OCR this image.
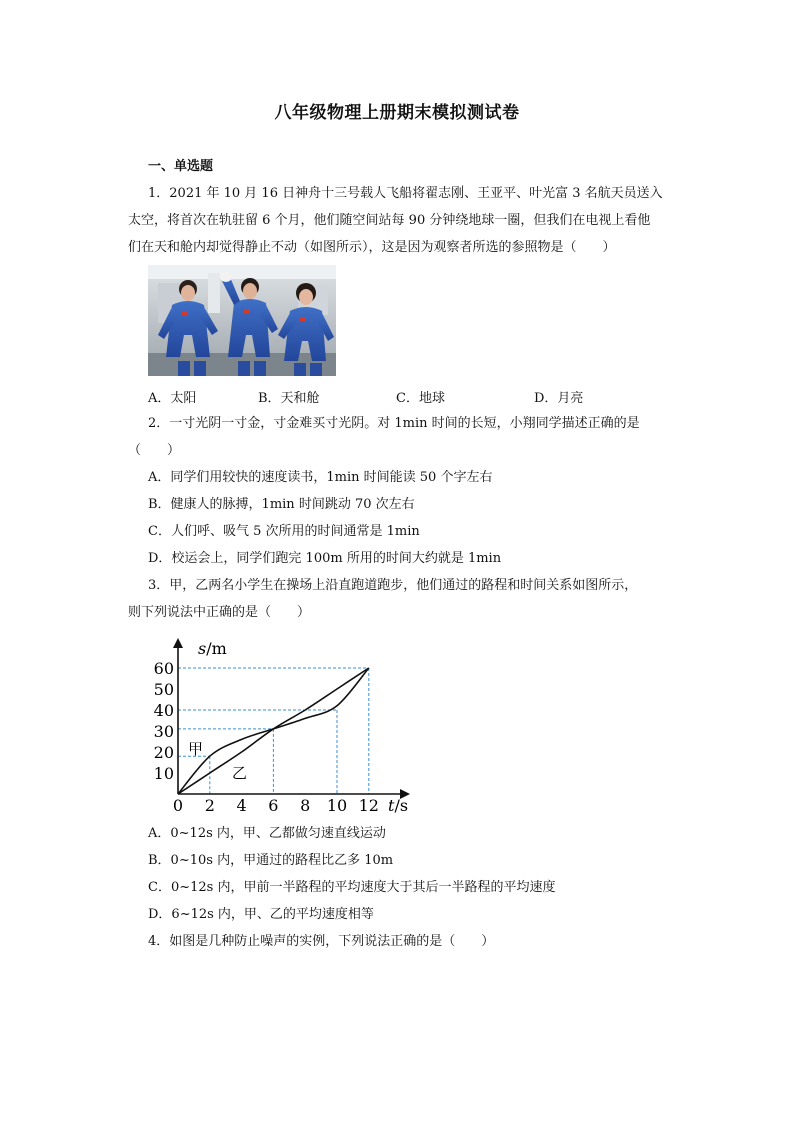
八年级物理上册期末模拟测试卷
一、单选题
1．2021 年 10 月 16 日神舟十三号载人飞船将翟志刚、王亚平、叶光富 3 名航天员送入
太空，将首次在轨驻留 6 个月，他们随空间站每 90 分钟绕地球一圈，但我们在电视上看他
们在天和舱内却觉得静止不动（如图所示），这是因为观察者所选的参照物是（　　）
A．太阳	B．天和舱	C．地球	D．月亮
2．一寸光阴一寸金，寸金难买寸光阴。对 1min 时间的长短，小翔同学描述正确的是
（　　）
A．同学们用较快的速度读书，1min 时间能读 50 个字左右
B．健康人的脉搏，1min 时间跳动 70 次左右
C．人们呼、吸气 5 次所用的时间通常是 1min
D．校运会上，同学们跑完 100m 所用的时间大约就是 1min
3．甲，乙两名小学生在操场上沿直跑道跑步，他们通过的路程和时间关系如图所示，
则下列说法中正确的是（　　）
0 2 4 6 8 10 12
10
20
30
40
50
60
s/m
t/s
甲
乙
A．0~12s 内，甲、乙都做匀速直线运动
B．0~10s 内，甲通过的路程比乙多 10m
C．0~12s 内，甲前一半路程的平均速度大于其后一半路程的平均速度
D．6~12s 内，甲、乙的平均速度相等
4．如图是几种防止噪声的实例，下列说法正确的是（　　）
